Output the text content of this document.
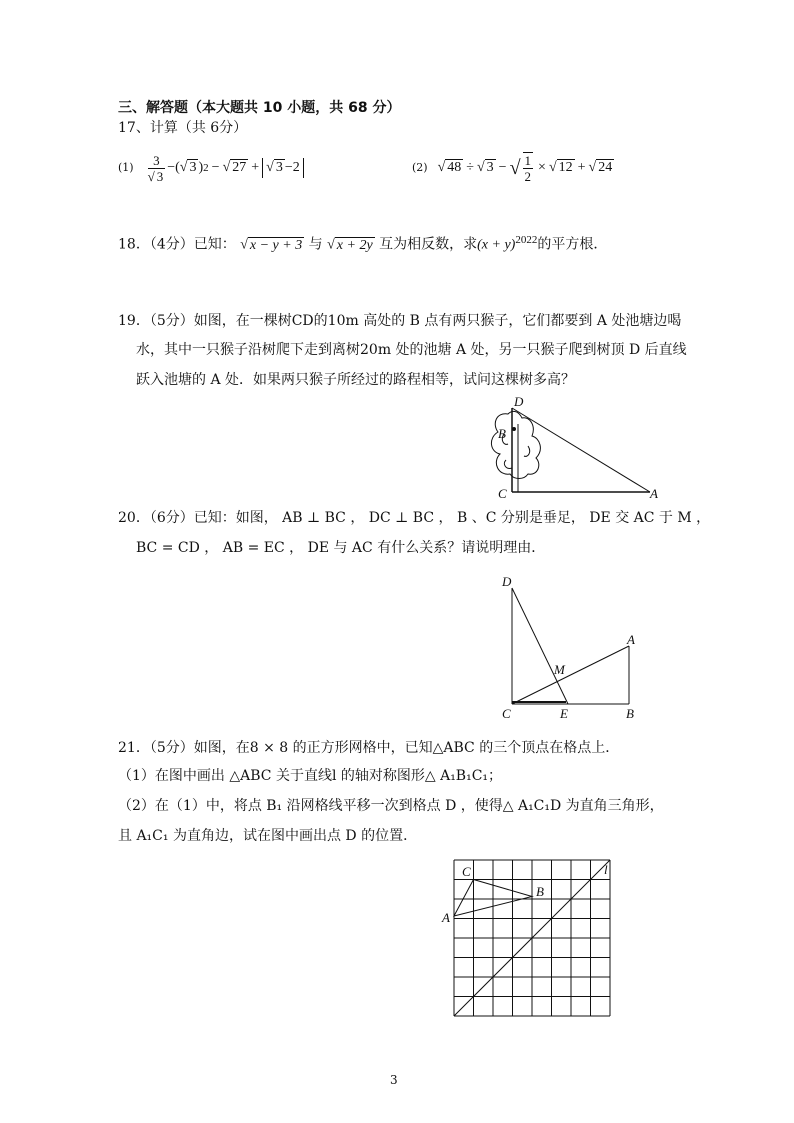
三、解答题（本大题共 10 小题，共 68 分）
17、计算（共 6分）
$(1) \frac{3}{√ 3}$ −( √ 3 ) 2 − √ 27 + √ 3 −2	(2) √ 48 ÷ √ 3 − √ $\frac{1}{2}$ × √ 12 + √ 24
18．（4分）已知： √ x − y + 3 与 √ x + 2y 互为相反数，求$(x + y)^{2022}$的平方根．
19．（5分）如图，在一棵树CD的10m 高处的 B 点有两只猴子，它们都要到 A 处池塘边喝
水，其中一只猴子沿树爬下走到离树20m 处的池塘 A 处，另一只猴子爬到树顶 D 后直线
跃入池塘的 A 处．如果两只猴子所经过的路程相等，试问这棵树多高？
D
B
C	A
20．（6分）已知：如图， AB ⊥ BC ， DC ⊥ BC ， B 、C 分别是垂足， DE 交 AC 于 M ，
BC = CD ， AB = EC ， DE 与 AC 有什么关系？请说明理由．
D
A
M
C	E	B
21．（5分）如图，在8 × 8 的正方形网格中，已知△ABC 的三个顶点在格点上．
（1）在图中画出 △ABC 关于直线l 的轴对称图形△ A₁B₁C₁；
（2）在（1）中，将点 B₁ 沿网格线平移一次到格点 D ，使得△ A₁C₁D 为直角三角形，
且 A₁C₁ 为直角边，试在图中画出点 D 的位置．
C
B
A
l
3
